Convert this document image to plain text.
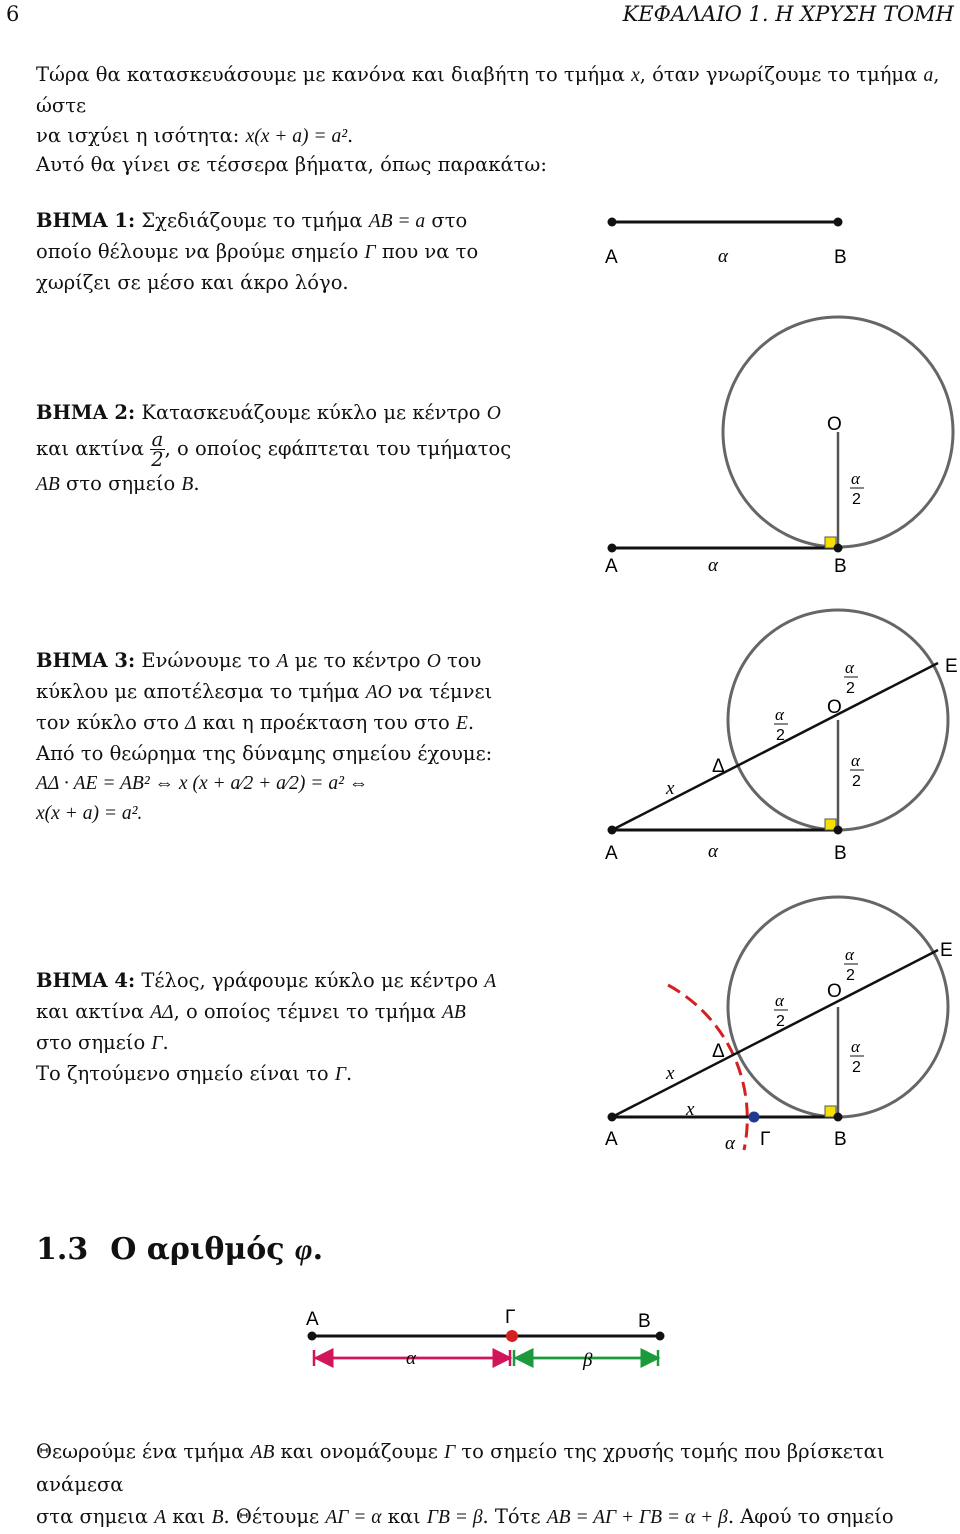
6	ΚΕΦΑΛΑΙΟ 1. Η ΧΡΥΣΗ ΤΟΜΗ
Τώρα θα κατασκευάσουμε με κανόνα και διαβήτη το τμήμα x, όταν γνωρίζουμε το τμήμα a, ώστε
να ισχύει η ισότητα: x(x + a) = a².
Αυτό θα γίνει σε τέσσερα βήματα, όπως παρακάτω:
ΒΗΜΑ 1: Σχεδιάζουμε το τμήμα AB = a στο
οποίο θέλουμε να βρούμε σημείο Γ που να το
χωρίζει σε μέσο και άκρο λόγο.
ΒΗΜΑ 2: Κατασκευάζουμε κύκλο με κέντρο O
και ακτίνα $\frac{a}{2}$ , ο οποίος εφάπτεται του τμήματος
AB στο σημείο B.
ΒΗΜΑ 3: Ενώνουμε το A με το κέντρο O του
κύκλου με αποτέλεσμα το τμήμα AO να τέμνει
τον κύκλο στο Δ και η προέκταση του στο E.
Από το θεώρημα της δύναμης σημείου έχουμε:
AΔ · AE = AB² ⇔ x (x + a⁄2 + a⁄2) = a² ⇔
x(x + a) = a².
ΒΗΜΑ 4: Τέλος, γράφουμε κύκλο με κέντρο A
και ακτίνα AΔ, ο οποίος τέμνει το τμήμα AB
στο σημείο Γ.
Το ζητούμενο σημείο είναι το Γ.
1.3 Ο αριθμός φ.
Θεωρούμε ένα τμήμα AB και ονομάζουμε Γ το σημείο της χρυσής τομής που βρίσκεται ανάμεσα
στα σημεια A και B. Θέτουμε AΓ = α και ΓB = β. Τότε AB = AΓ + ΓB = α + β. Αφού το σημείο
A	α	B
O
α
2
A	α	B
O
E
Δ
x
α
2
α
2
α
2
A	α	B
O
E
Δ
x
x
α
2
α
2
α
2
A	α Γ	B
A	Γ	B
α	β
